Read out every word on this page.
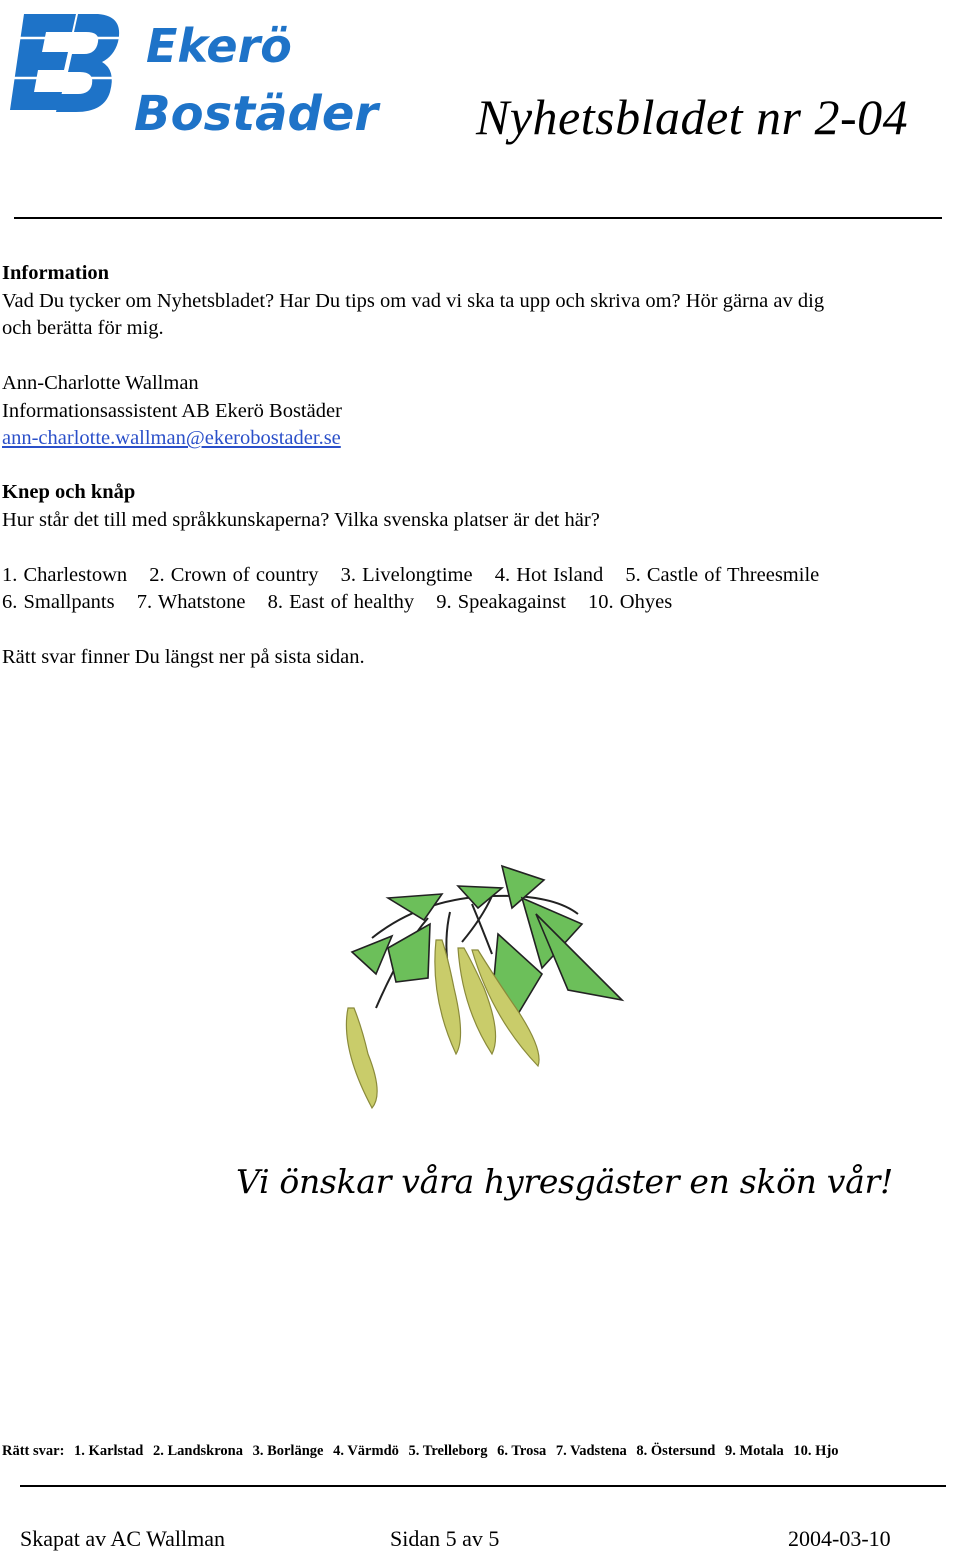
Ekerö
Bostäder Nyhetsbladet nr 2-04
Information
Vad Du tycker om Nyhetsbladet? Har Du tips om vad vi ska ta upp och skriva om? Hör gärna av dig
och berätta för mig.
Ann-Charlotte Wallman
Informationsassistent AB Ekerö Bostäder
ann-charlotte.wallman@ekerobostader.se
Knep och knåp
Hur står det till med språkkunskaperna? Vilka svenska platser är det här?
1. Charlestown 2. Crown of country 3. Livelongtime 4. Hot Island 5. Castle of Threesmile
6. Smallpants 7. Whatstone 8. East of healthy 9. Speakagainst 10. Ohyes
Rätt svar finner Du längst ner på sista sidan.
Vi önskar våra hyresgäster en skön vår!
Rätt svar: 1. Karlstad 2. Landskrona 3. Borlänge 4. Värmdö 5. Trelleborg 6. Trosa 7. Vadstena 8. Östersund 9. Motala 10. Hjo
Skapat av AC Wallman	Sidan 5 av 5	2004-03-10
